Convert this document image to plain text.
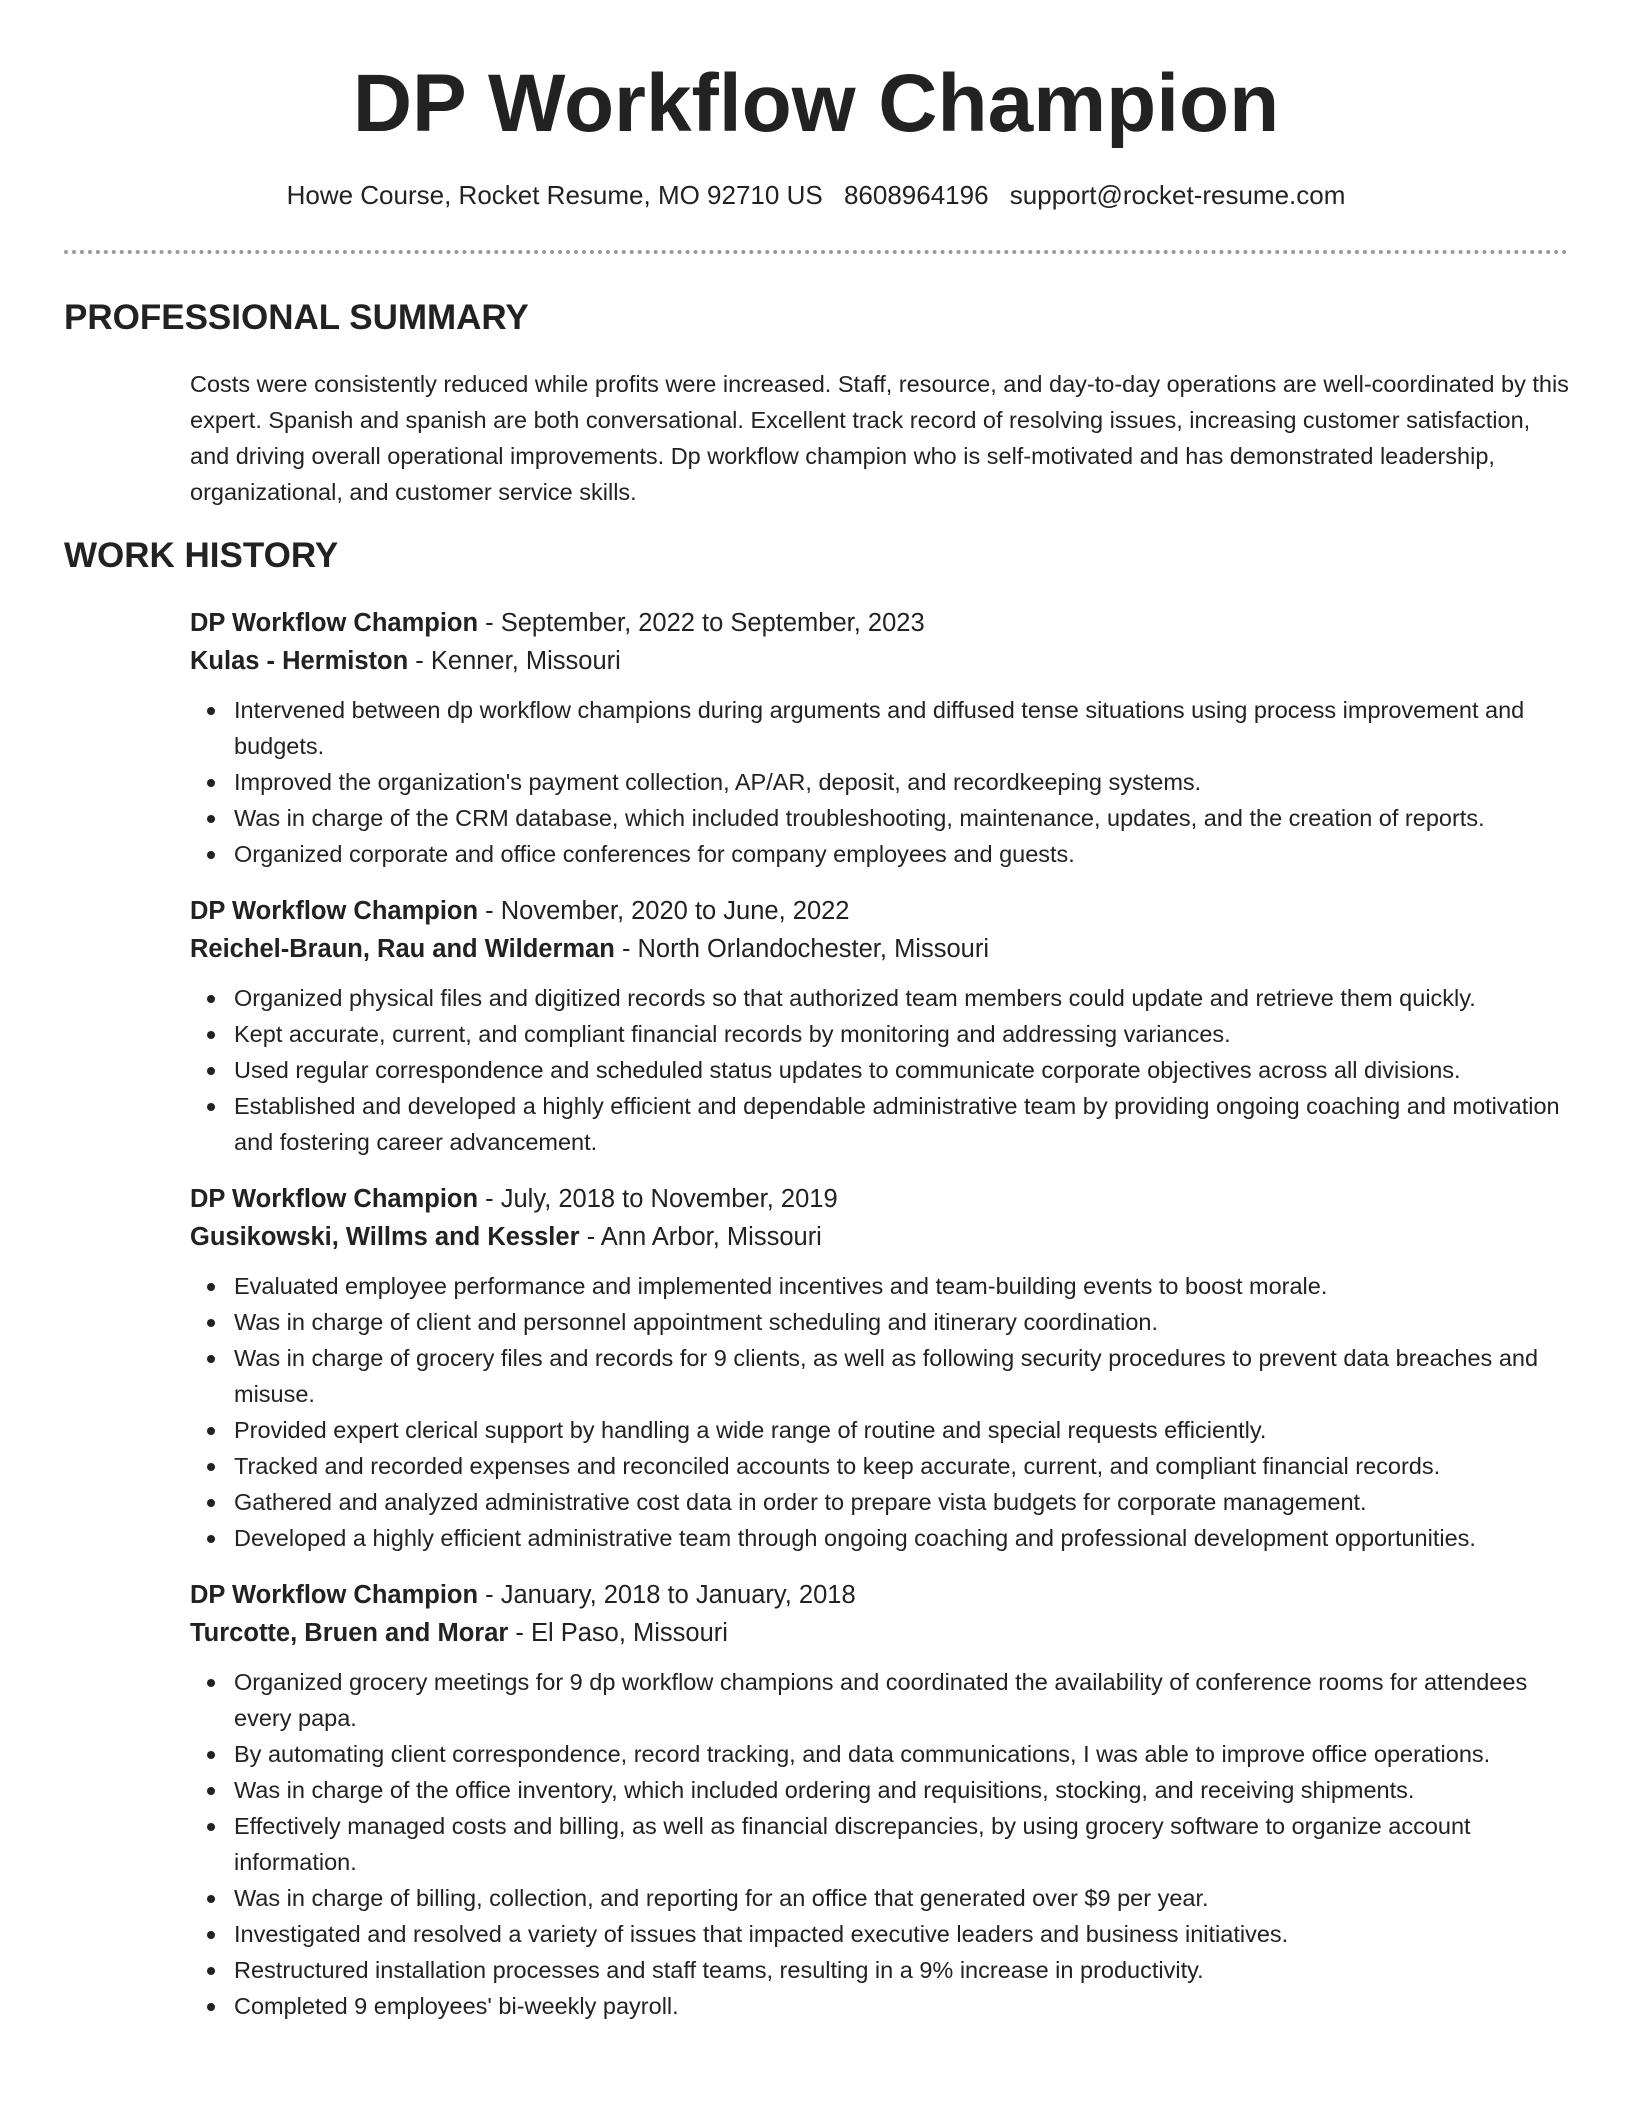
DP Workflow Champion
Howe Course, Rocket Resume, MO 92710 US 8608964196 support@rocket-resume.com
PROFESSIONAL SUMMARY

Costs were consistently reduced while profits were increased. Staff, resource, and day-to-day operations are well-coordinated by this expert. Spanish and spanish are both conversational. Excellent track record of resolving issues, increasing customer satisfaction, and driving overall operational improvements. Dp workflow champion who is self-motivated and has demonstrated leadership, organizational, and customer service skills.

WORK HISTORY
DP Workflow Champion - September, 2022 to September, 2023
Kulas - Hermiston - Kenner, Missouri
Intervened between dp workflow champions during arguments and diffused tense situations using process improvement and budgets.
Improved the organization's payment collection, AP/AR, deposit, and recordkeeping systems.
Was in charge of the CRM database, which included troubleshooting, maintenance, updates, and the creation of reports.
Organized corporate and office conferences for company employees and guests.
DP Workflow Champion - November, 2020 to June, 2022
Reichel-Braun, Rau and Wilderman - North Orlandochester, Missouri
Organized physical files and digitized records so that authorized team members could update and retrieve them quickly.
Kept accurate, current, and compliant financial records by monitoring and addressing variances.
Used regular correspondence and scheduled status updates to communicate corporate objectives across all divisions.
Established and developed a highly efficient and dependable administrative team by providing ongoing coaching and motivation and fostering career advancement.
DP Workflow Champion - July, 2018 to November, 2019
Gusikowski, Willms and Kessler - Ann Arbor, Missouri
Evaluated employee performance and implemented incentives and team-building events to boost morale.
Was in charge of client and personnel appointment scheduling and itinerary coordination.
Was in charge of grocery files and records for 9 clients, as well as following security procedures to prevent data breaches and misuse.
Provided expert clerical support by handling a wide range of routine and special requests efficiently.
Tracked and recorded expenses and reconciled accounts to keep accurate, current, and compliant financial records.
Gathered and analyzed administrative cost data in order to prepare vista budgets for corporate management.
Developed a highly efficient administrative team through ongoing coaching and professional development opportunities.
DP Workflow Champion - January, 2018 to January, 2018
Turcotte, Bruen and Morar - El Paso, Missouri
Organized grocery meetings for 9 dp workflow champions and coordinated the availability of conference rooms for attendees every papa.
By automating client correspondence, record tracking, and data communications, I was able to improve office operations.
Was in charge of the office inventory, which included ordering and requisitions, stocking, and receiving shipments.
Effectively managed costs and billing, as well as financial discrepancies, by using grocery software to organize account information.
Was in charge of billing, collection, and reporting for an office that generated over $9 per year.
Investigated and resolved a variety of issues that impacted executive leaders and business initiatives.
Restructured installation processes and staff teams, resulting in a 9% increase in productivity.
Completed 9 employees' bi-weekly payroll.
